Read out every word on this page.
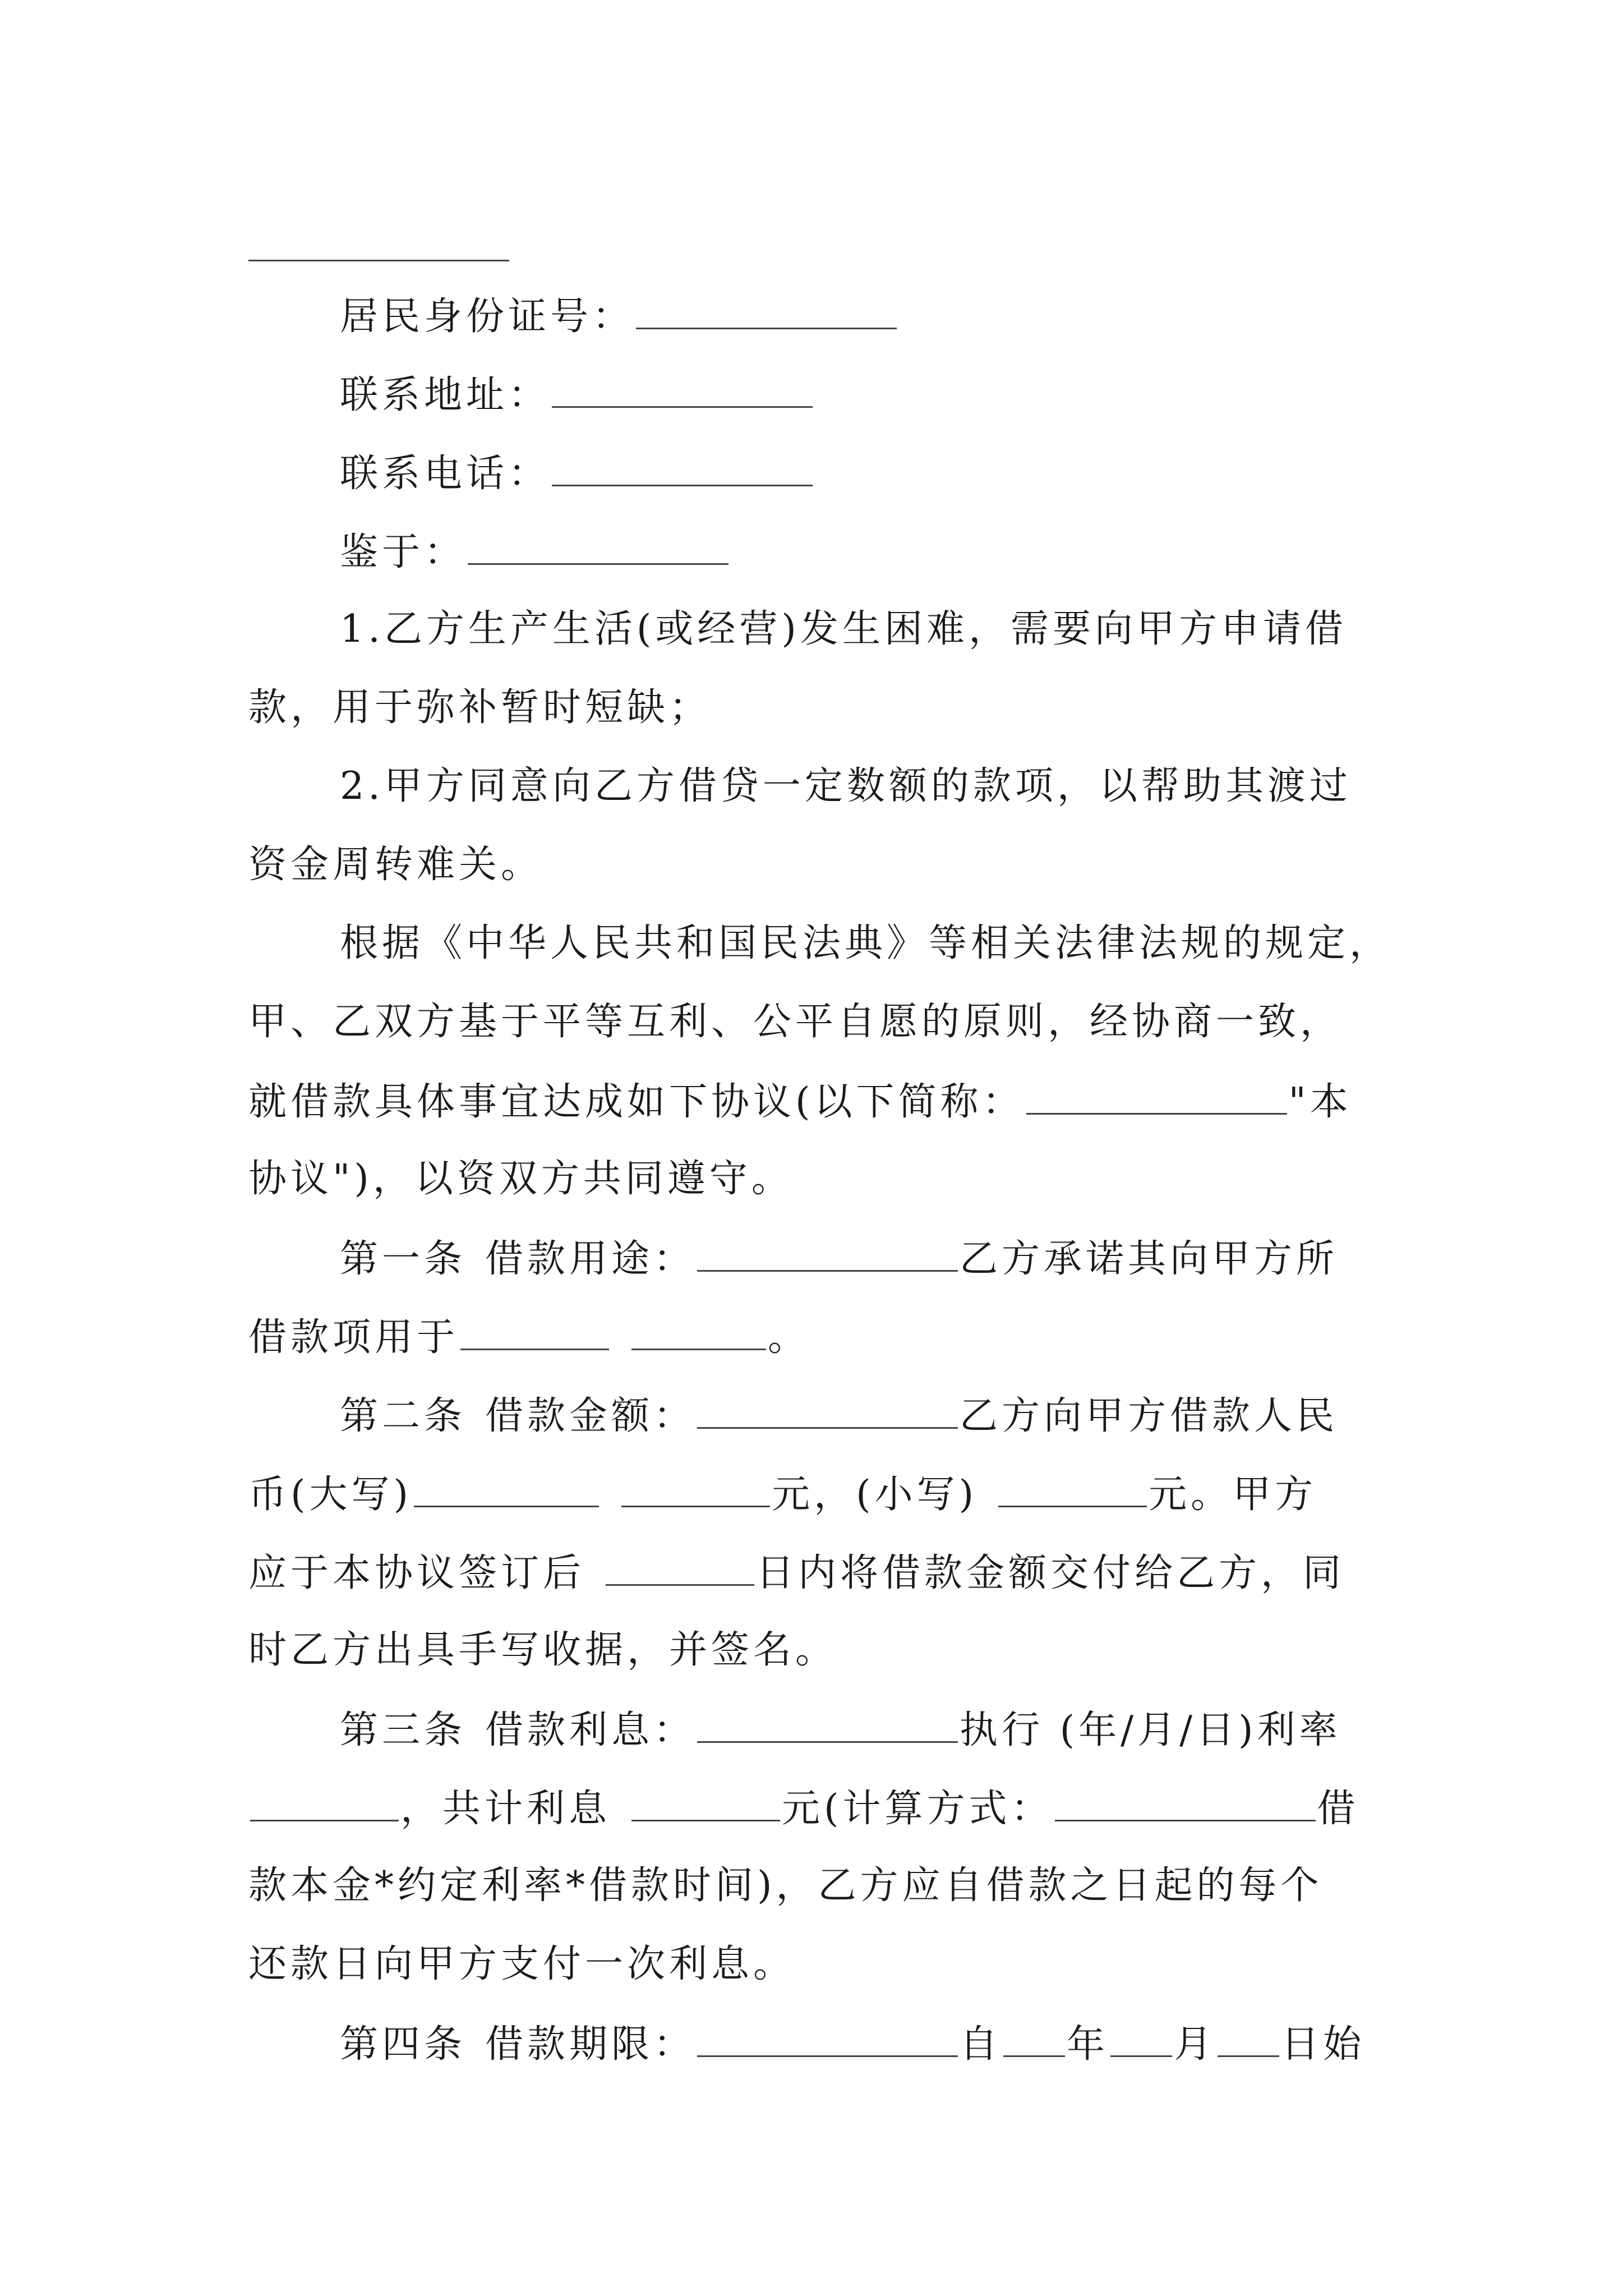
居民身份证号：
联系地址：
联系电话：
鉴于：
1.乙方生产生活(或经营)发生困难，需要向甲方申请借
款，用于弥补暂时短缺；
2.甲方同意向乙方借贷一定数额的款项，以帮助其渡过
资金周转难关。
根据《中华人民共和国民法典》等相关法律法规的规定，
甲、乙双方基于平等互利、公平自愿的原则，经协商一致，
就借款具体事宜达成如下协议(以下简称：	"本
协议")，以资双方共同遵守。
第一条 借款用途：	乙方承诺其向甲方所
借款项用于	。
第二条 借款金额：	乙方向甲方借款人民
币(大写)	元，(小写)	元。甲方
应于本协议签订后	日内将借款金额交付给乙方，同
时乙方出具手写收据，并签名。
第三条 借款利息：	执行 (年/月/日)利率
，共计利息	元(计算方式：	借
款本金*约定利率*借款时间)，乙方应自借款之日起的每个
还款日向甲方支付一次利息。
第四条 借款期限：	自 年 月 日始
